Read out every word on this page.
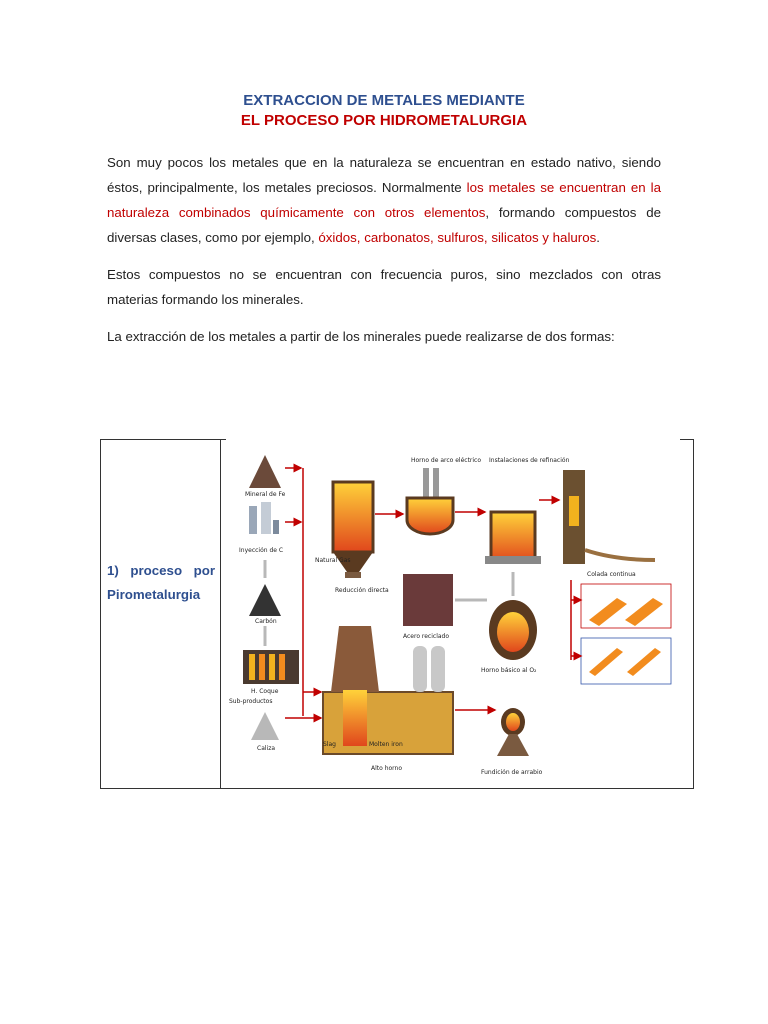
EXTRACCION DE METALES MEDIANTE
EL PROCESO POR HIDROMETALURGIA
Son muy pocos los metales que en la naturaleza se encuentran en estado nativo, siendo éstos, principalmente, los metales preciosos. Normalmente los metales se encuentran en la naturaleza combinados químicamente con otros elementos, formando compuestos de diversas clases, como por ejemplo, óxidos, carbonatos, sulfuros, silicatos y haluros.
Estos compuestos no se encuentran con frecuencia puros, sino mezclados con otras materias formando los minerales.
La extracción de los metales a partir de los minerales puede realizarse de dos formas:
1) proceso por Pirometalurgia
Mineral de Fe
Inyección de C
Carbón
H. Coque
Sub-productos
Caliza
Natural Gas
Reducción directa
Horno de arco eléctrico Instalaciones de refinación
Colada continua
Acero reciclado
Horno básico al O₂
Slag	Molten iron
Alto horno
Fundición de arrabio
